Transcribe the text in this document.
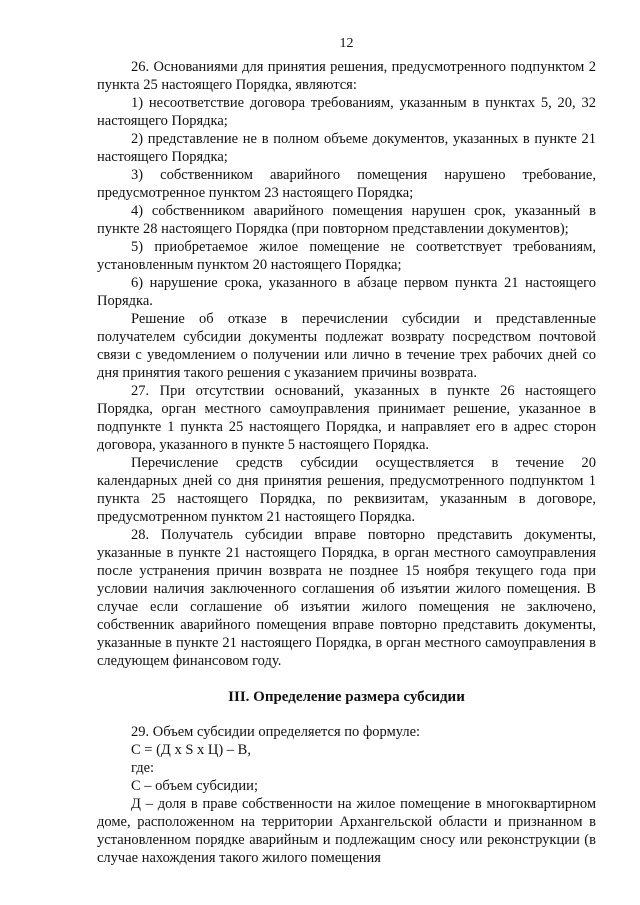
12

26. Основаниями для принятия решения, предусмотренного подпунктом 2 пункта 25 настоящего Порядка, являются:

1) несоответствие договора требованиям, указанным в пунктах 5, 20, 32 настоящего Порядка;

2) представление не в полном объеме документов, указанных в пункте 21 настоящего Порядка;

3) собственником аварийного помещения нарушено требование, предусмотренное пунктом 23 настоящего Порядка;

4) собственником аварийного помещения нарушен срок, указанный в пункте 28 настоящего Порядка (при повторном представлении документов);

5) приобретаемое жилое помещение не соответствует требованиям, установленным пунктом 20 настоящего Порядка;

6) нарушение срока, указанного в абзаце первом пункта 21 настоящего Порядка.

Решение об отказе в перечислении субсидии и представленные получателем субсидии документы подлежат возврату посредством почтовой связи с уведомлением о получении или лично в течение трех рабочих дней со дня принятия такого решения с указанием причины возврата.

27. При отсутствии оснований, указанных в пункте 26 настоящего Порядка, орган местного самоуправления принимает решение, указанное в подпункте 1 пункта 25 настоящего Порядка, и направляет его в адрес сторон договора, указанного в пункте 5 настоящего Порядка.

Перечисление средств субсидии осуществляется в течение 20 календарных дней со дня принятия решения, предусмотренного подпунктом 1 пункта 25 настоящего Порядка, по реквизитам, указанным в договоре, предусмотренном пунктом 21 настоящего Порядка.

28. Получатель субсидии вправе повторно представить документы, указанные в пункте 21 настоящего Порядка, в орган местного самоуправления после устранения причин возврата не позднее 15 ноября текущего года при условии наличия заключенного соглашения об изъятии жилого помещения. В случае если соглашение об изъятии жилого помещения не заключено, собственник аварийного помещения вправе повторно представить документы, указанные в пункте 21 настоящего Порядка, в орган местного самоуправления в следующем финансовом году.

III. Определение размера субсидии

29. Объем субсидии определяется по формуле:

С = (Д х S х Ц) – В,

где:

С – объем субсидии;

Д – доля в праве собственности на жилое помещение в многоквартирном доме, расположенном на территории Архангельской области и признанном в установленном порядке аварийным и подлежащим сносу или реконструкции (в случае нахождения такого жилого помещения
